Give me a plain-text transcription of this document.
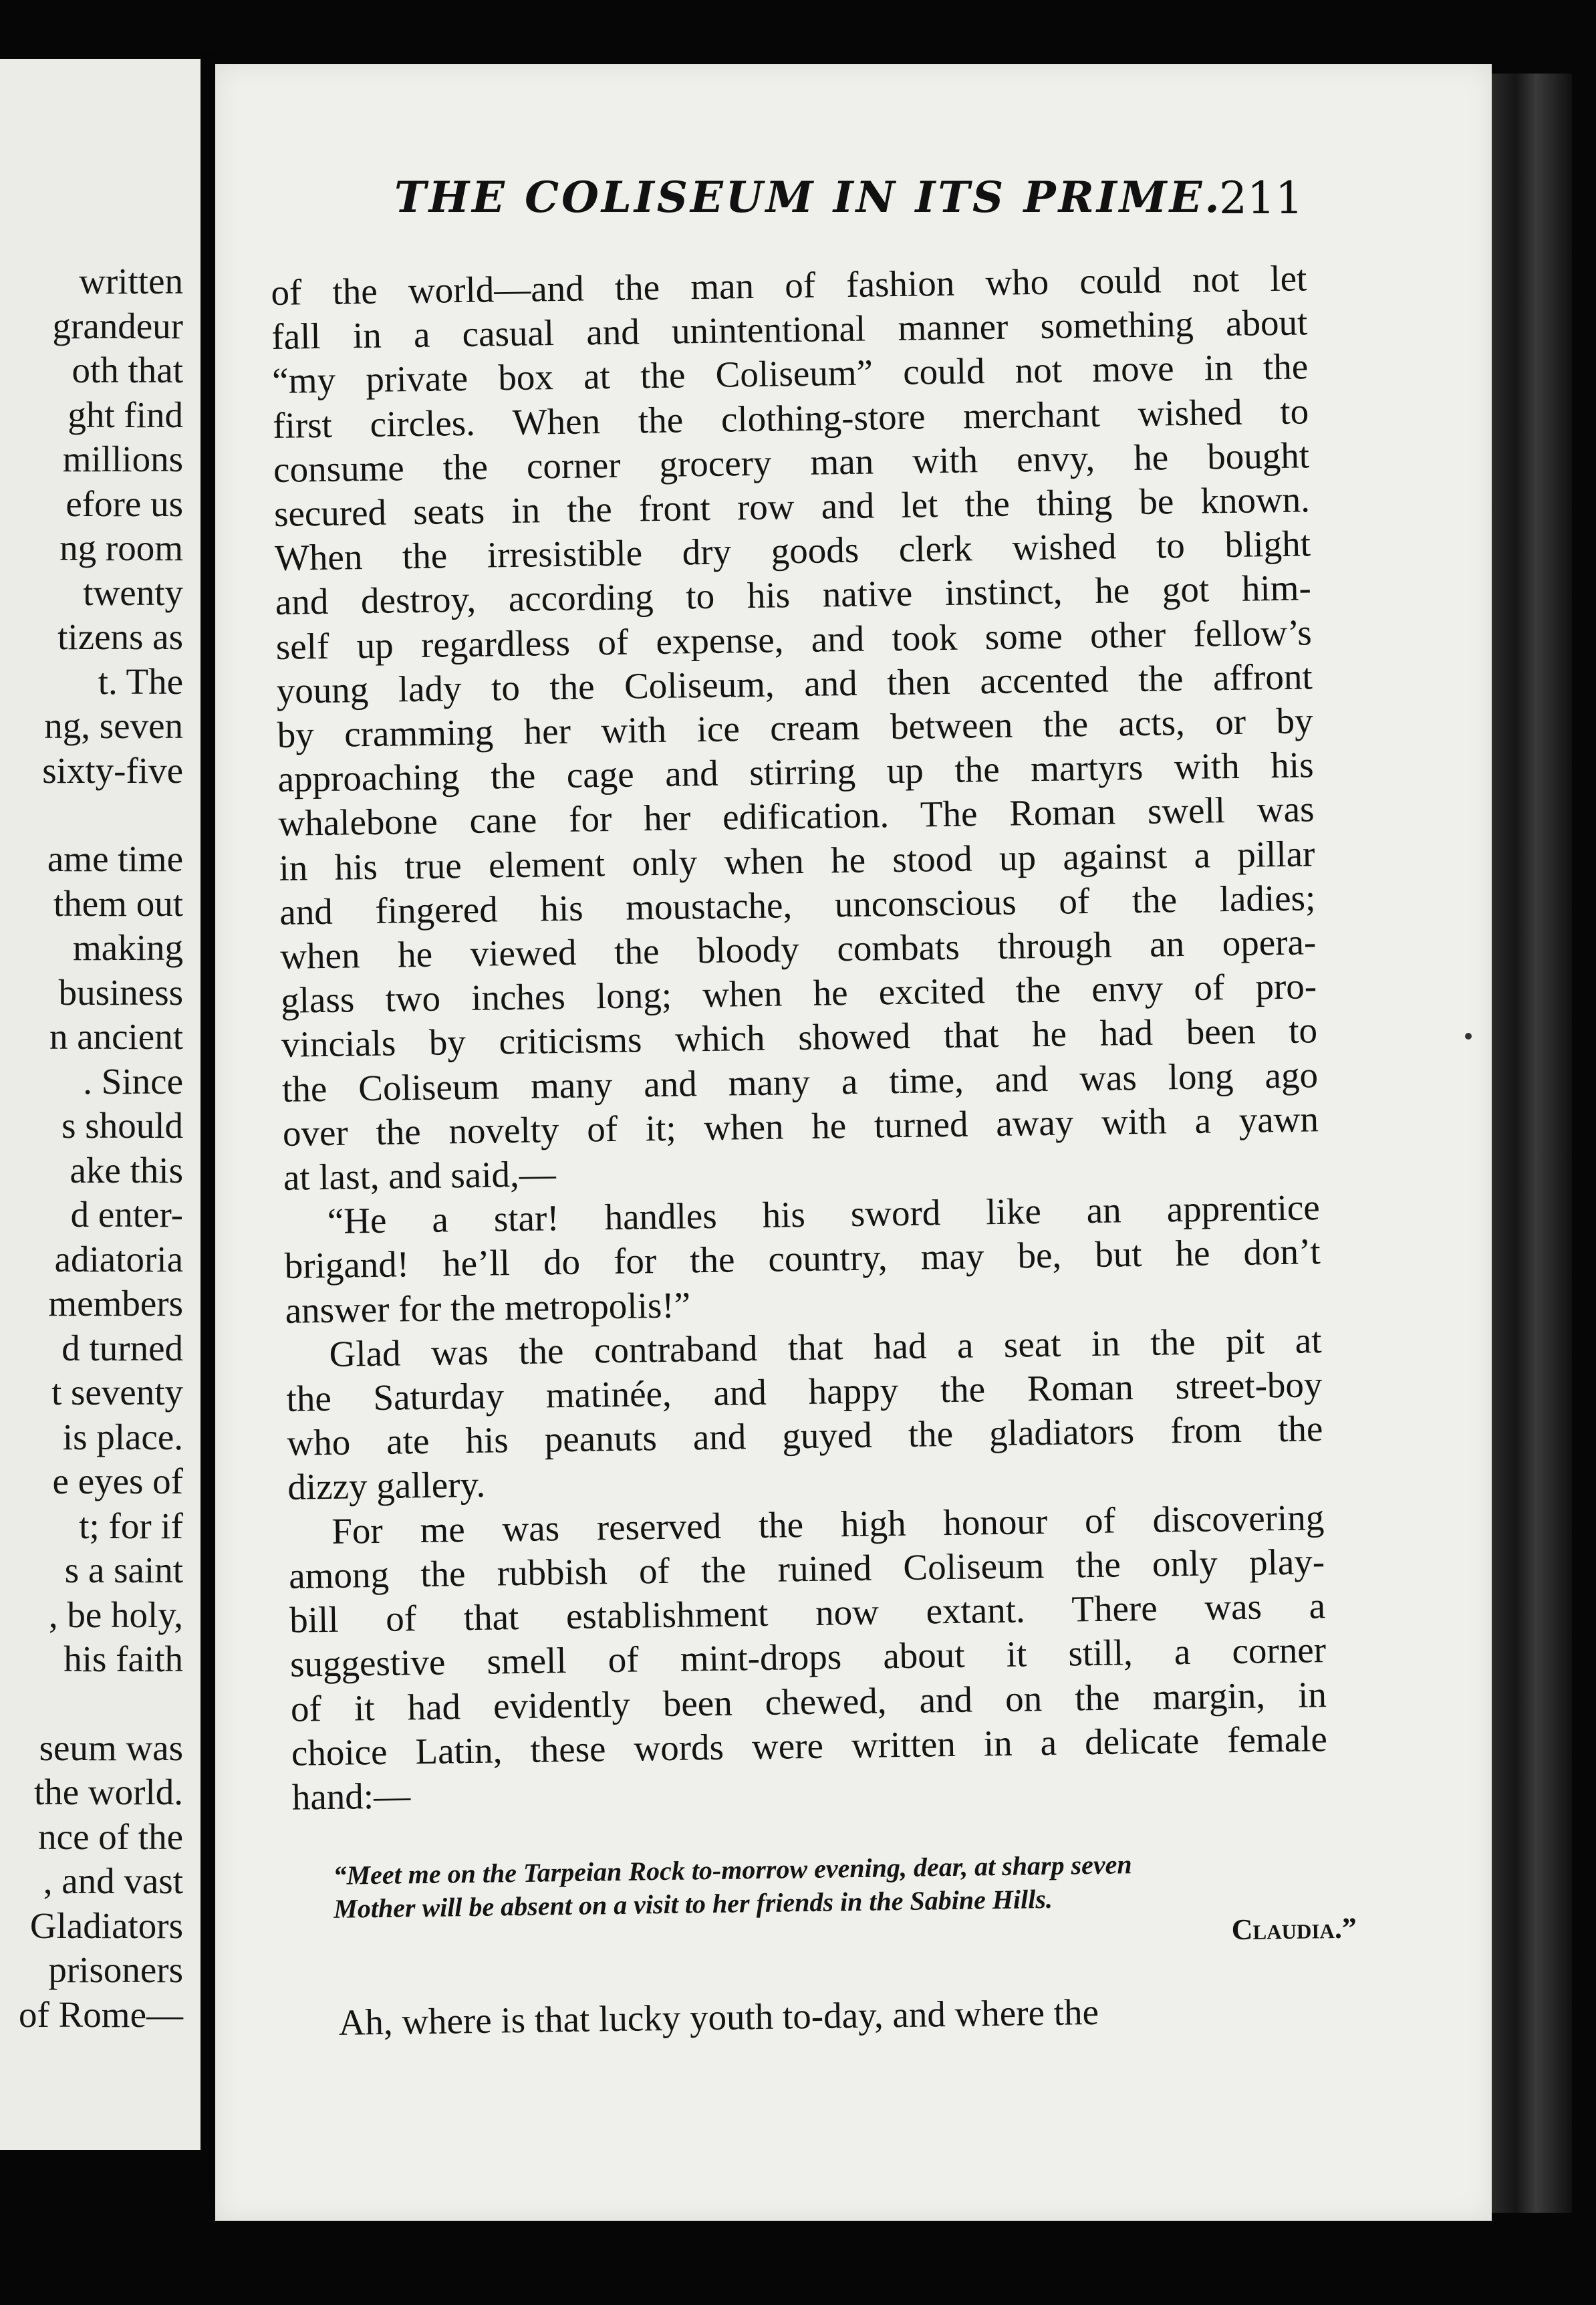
written
grandeur
oth that
ght find
millions
efore us
ng room
twenty
tizens as
t. The
ng, seven
sixty-five
ame time
them out
making
business
n ancient
. Since
s should
ake this
d enter-
adiatoria
members
d turned
t seventy
is place.
e eyes of
t; for if
s a saint
, be holy,
his faith
seum was
the world.
nce of the
, and vast
Gladiators
prisoners
of Rome—
THE COLISEUM IN ITS PRIME.
211
of the world—and the man of fashion who could not let
fall in a casual and unintentional manner something about
“my private box at the Coliseum” could not move in the
first circles. When the clothing-store merchant wished to
consume the corner grocery man with envy, he bought
secured seats in the front row and let the thing be known.
When the irresistible dry goods clerk wished to blight
and destroy, according to his native instinct, he got him-
self up regardless of expense, and took some other fellow’s
young lady to the Coliseum, and then accented the affront
by cramming her with ice cream between the acts, or by
approaching the cage and stirring up the martyrs with his
whalebone cane for her edification. The Roman swell was
in his true element only when he stood up against a pillar
and fingered his moustache, unconscious of the ladies;
when he viewed the bloody combats through an opera-
glass two inches long; when he excited the envy of pro-
vincials by criticisms which showed that he had been to
the Coliseum many and many a time, and was long ago
over the novelty of it; when he turned away with a yawn
at last, and said,—
“He a star! handles his sword like an apprentice
brigand! he’ll do for the country, may be, but he don’t
answer for the metropolis!”
Glad was the contraband that had a seat in the pit at
the Saturday matinée, and happy the Roman street-boy
who ate his peanuts and guyed the gladiators from the
dizzy gallery.
For me was reserved the high honour of discovering
among the rubbish of the ruined Coliseum the only play-
bill of that establishment now extant. There was a
suggestive smell of mint-drops about it still, a corner
of it had evidently been chewed, and on the margin, in
choice Latin, these words were written in a delicate female
hand:—
“Meet me on the Tarpeian Rock to-morrow evening, dear, at sharp seven
Mother will be absent on a visit to her friends in the Sabine Hills.
Claudia.”
Ah, where is that lucky youth to-day, and where the
